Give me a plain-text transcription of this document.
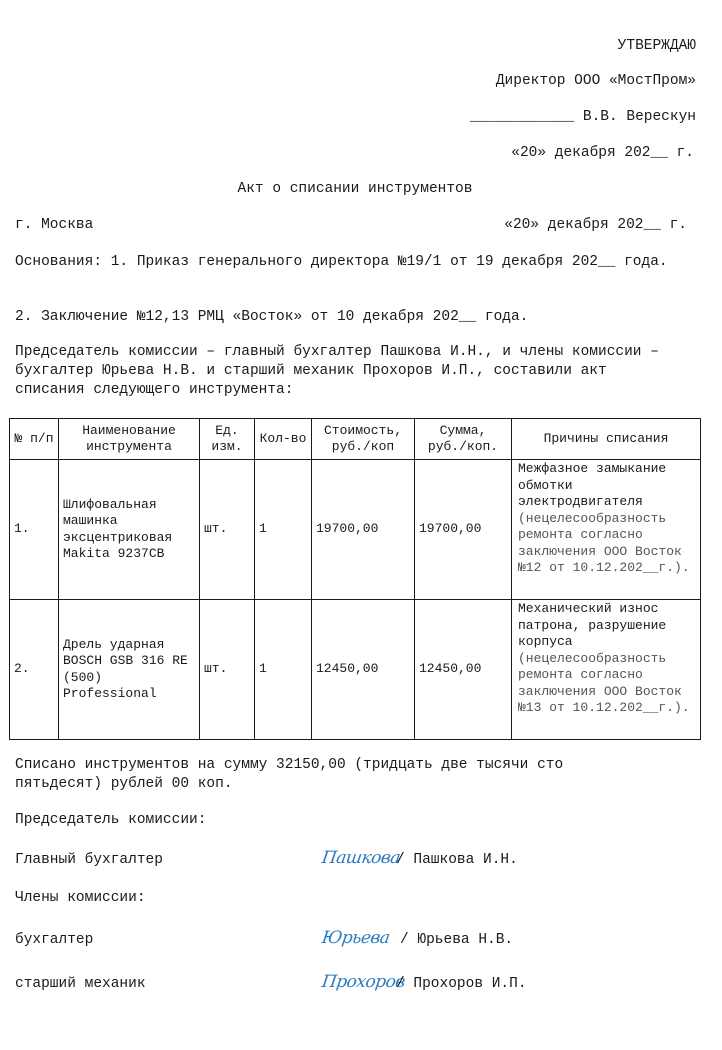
УТВЕРЖДАЮ
Директор ООО «МостПром»
____________ В.В. Верескун
«20» декабря 202__ г.
Акт о списании инструментов
г. Москва	«20» декабря 202__ г.
Основания: 1. Приказ генерального директора №19/1 от 19 декабря 202__ года.
2. Заключение №12,13 РМЦ «Восток» от 10 декабря 202__ года.
Председатель комиссии – главный бухгалтер Пашкова И.Н., и члены комиссии – бухгалтер Юрьева Н.В. и старший механик Прохоров И.П., составили акт списания следующего инструмента:
№ п/п	Наименование инструмента	Ед. изм.	Кол-во	Стоимость, руб./коп	Сумма, руб./коп.	Причины списания
1.	Шлифовальная машинка эксцентриковая Makita 9237CB	шт.	1	19700,00	19700,00	Межфазное замыкание обмотки электродвигателя (нецелесообразность ремонта согласно заключения ООО Восток №12 от 10.12.202__г.).
2.	Дрель ударная BOSCH GSB 316 RE (500) Professional	шт.	1	12450,00	12450,00	Механический износ патрона, разрушение корпуса (нецелесообразность ремонта согласно заключения ООО Восток №13 от 10.12.202__г.).
Списано инструментов на сумму 32150,00 (тридцать две тысячи сто пятьдесят) рублей 00 коп.
Председатель комиссии:
Главный бухгалтер	Пашкова
/ Пашкова И.Н.
Члены комиссии:
бухгалтер	Юрьева / Юрьева Н.В.
старший механик	Прохоров
/ Прохоров И.П.
